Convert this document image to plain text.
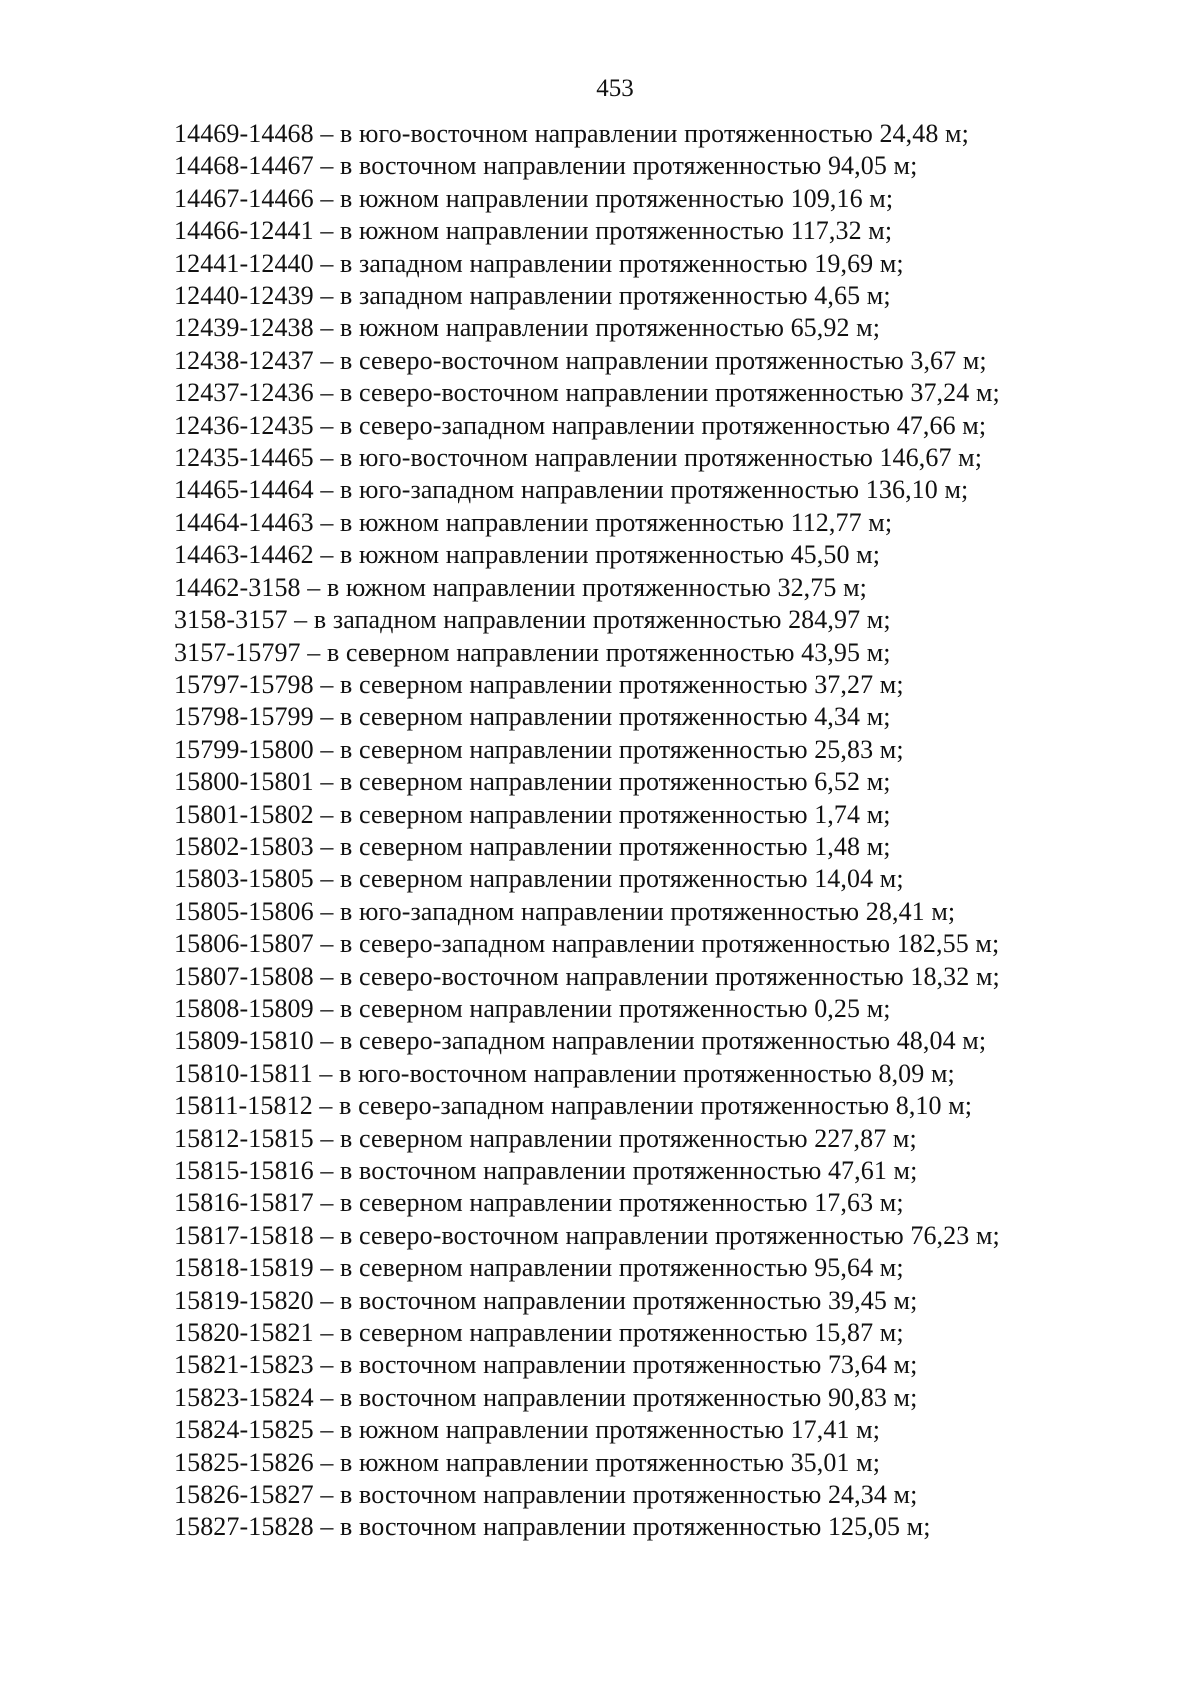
453
14469-14468 – в юго-восточном направлении протяженностью 24,48 м;
14468-14467 – в восточном направлении протяженностью 94,05 м;
14467-14466 – в южном направлении протяженностью 109,16 м;
14466-12441 – в южном направлении протяженностью 117,32 м;
12441-12440 – в западном направлении протяженностью 19,69 м;
12440-12439 – в западном направлении протяженностью 4,65 м;
12439-12438 – в южном направлении протяженностью 65,92 м;
12438-12437 – в северо-восточном направлении протяженностью 3,67 м;
12437-12436 – в северо-восточном направлении протяженностью 37,24 м;
12436-12435 – в северо-западном направлении протяженностью 47,66 м;
12435-14465 – в юго-восточном направлении протяженностью 146,67 м;
14465-14464 – в юго-западном направлении протяженностью 136,10 м;
14464-14463 – в южном направлении протяженностью 112,77 м;
14463-14462 – в южном направлении протяженностью 45,50 м;
14462-3158 – в южном направлении протяженностью 32,75 м;
3158-3157 – в западном направлении протяженностью 284,97 м;
3157-15797 – в северном направлении протяженностью 43,95 м;
15797-15798 – в северном направлении протяженностью 37,27 м;
15798-15799 – в северном направлении протяженностью 4,34 м;
15799-15800 – в северном направлении протяженностью 25,83 м;
15800-15801 – в северном направлении протяженностью 6,52 м;
15801-15802 – в северном направлении протяженностью 1,74 м;
15802-15803 – в северном направлении протяженностью 1,48 м;
15803-15805 – в северном направлении протяженностью 14,04 м;
15805-15806 – в юго-западном направлении протяженностью 28,41 м;
15806-15807 – в северо-западном направлении протяженностью 182,55 м;
15807-15808 – в северо-восточном направлении протяженностью 18,32 м;
15808-15809 – в северном направлении протяженностью 0,25 м;
15809-15810 – в северо-западном направлении протяженностью 48,04 м;
15810-15811 – в юго-восточном направлении протяженностью 8,09 м;
15811-15812 – в северо-западном направлении протяженностью 8,10 м;
15812-15815 – в северном направлении протяженностью 227,87 м;
15815-15816 – в восточном направлении протяженностью 47,61 м;
15816-15817 – в северном направлении протяженностью 17,63 м;
15817-15818 – в северо-восточном направлении протяженностью 76,23 м;
15818-15819 – в северном направлении протяженностью 95,64 м;
15819-15820 – в восточном направлении протяженностью 39,45 м;
15820-15821 – в северном направлении протяженностью 15,87 м;
15821-15823 – в восточном направлении протяженностью 73,64 м;
15823-15824 – в восточном направлении протяженностью 90,83 м;
15824-15825 – в южном направлении протяженностью 17,41 м;
15825-15826 – в южном направлении протяженностью 35,01 м;
15826-15827 – в восточном направлении протяженностью 24,34 м;
15827-15828 – в восточном направлении протяженностью 125,05 м;
